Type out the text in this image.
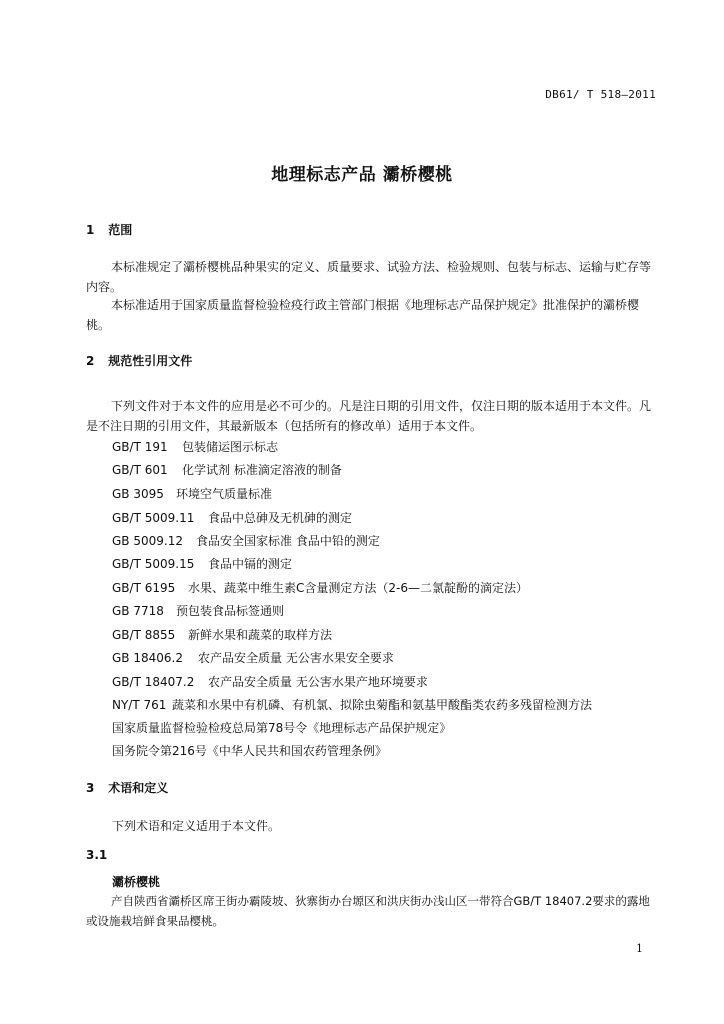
DB61/ T 518—2011
地理标志产品 灞桥樱桃
1 范围
本标准规定了灞桥樱桃品种果实的定义、质量要求、试验方法、检验规则、包装与标志、运输与贮存等内容。
本标准适用于国家质量监督检验检疫行政主管部门根据《地理标志产品保护规定》批准保护的灞桥樱桃。
2 规范性引用文件
下列文件对于本文件的应用是必不可少的。凡是注日期的引用文件，仅注日期的版本适用于本文件。凡是不注日期的引用文件，其最新版本（包括所有的修改单）适用于本文件。
GB/T 191 包装储运图示标志
GB/T 601 化学试剂 标准滴定溶液的制备
GB 3095 环境空气质量标准
GB/T 5009.11 食品中总砷及无机砷的测定
GB 5009.12 食品安全国家标准 食品中铅的测定
GB/T 5009.15 食品中镉的测定
GB/T 6195 水果、蔬菜中维生素C含量测定方法（2-6—二氯靛酚的滴定法）
GB 7718 预包装食品标签通则
GB/T 8855 新鲜水果和蔬菜的取样方法
GB 18406.2 农产品安全质量 无公害水果安全要求
GB/T 18407.2 农产品安全质量 无公害水果产地环境要求
NY/T 761 蔬菜和水果中有机磷、有机氯、拟除虫菊酯和氨基甲酸酯类农药多残留检测方法
国家质量监督检验检疫总局第78号令《地理标志产品保护规定》
国务院令第216号《中华人民共和国农药管理条例》
3 术语和定义
下列术语和定义适用于本文件。
3.1
灞桥樱桃
产自陕西省灞桥区席王街办霸陵坡、狄寨街办台塬区和洪庆街办浅山区一带符合GB/T 18407.2要求的露地或设施栽培鲜食果品樱桃。
1
